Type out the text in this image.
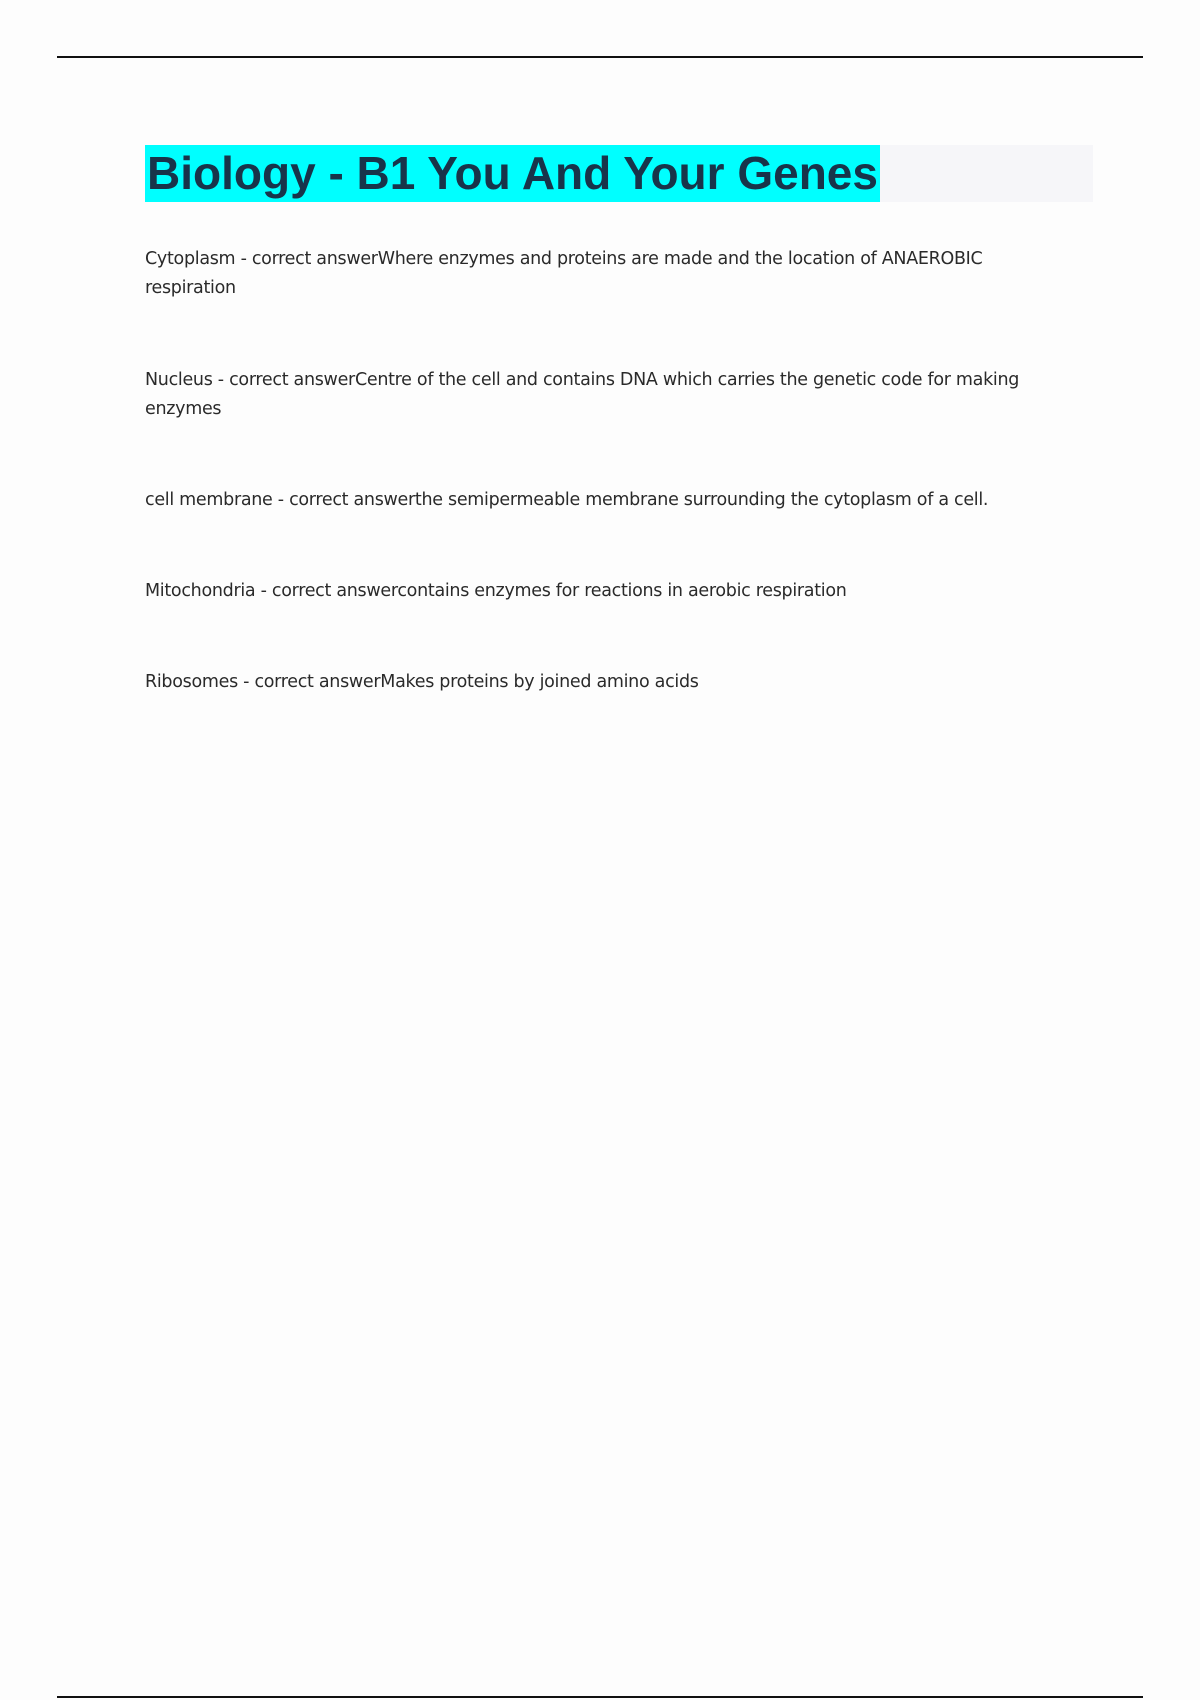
Biology - B1 You And Your Genes

Cytoplasm - correct answerWhere enzymes and proteins are made and the location of ANAEROBIC respiration

Nucleus - correct answerCentre of the cell and contains DNA which carries the genetic code for making enzymes

cell membrane - correct answerthe semipermeable membrane surrounding the cytoplasm of a cell.

Mitochondria - correct answercontains enzymes for reactions in aerobic respiration

Ribosomes - correct answerMakes proteins by joined amino acids
